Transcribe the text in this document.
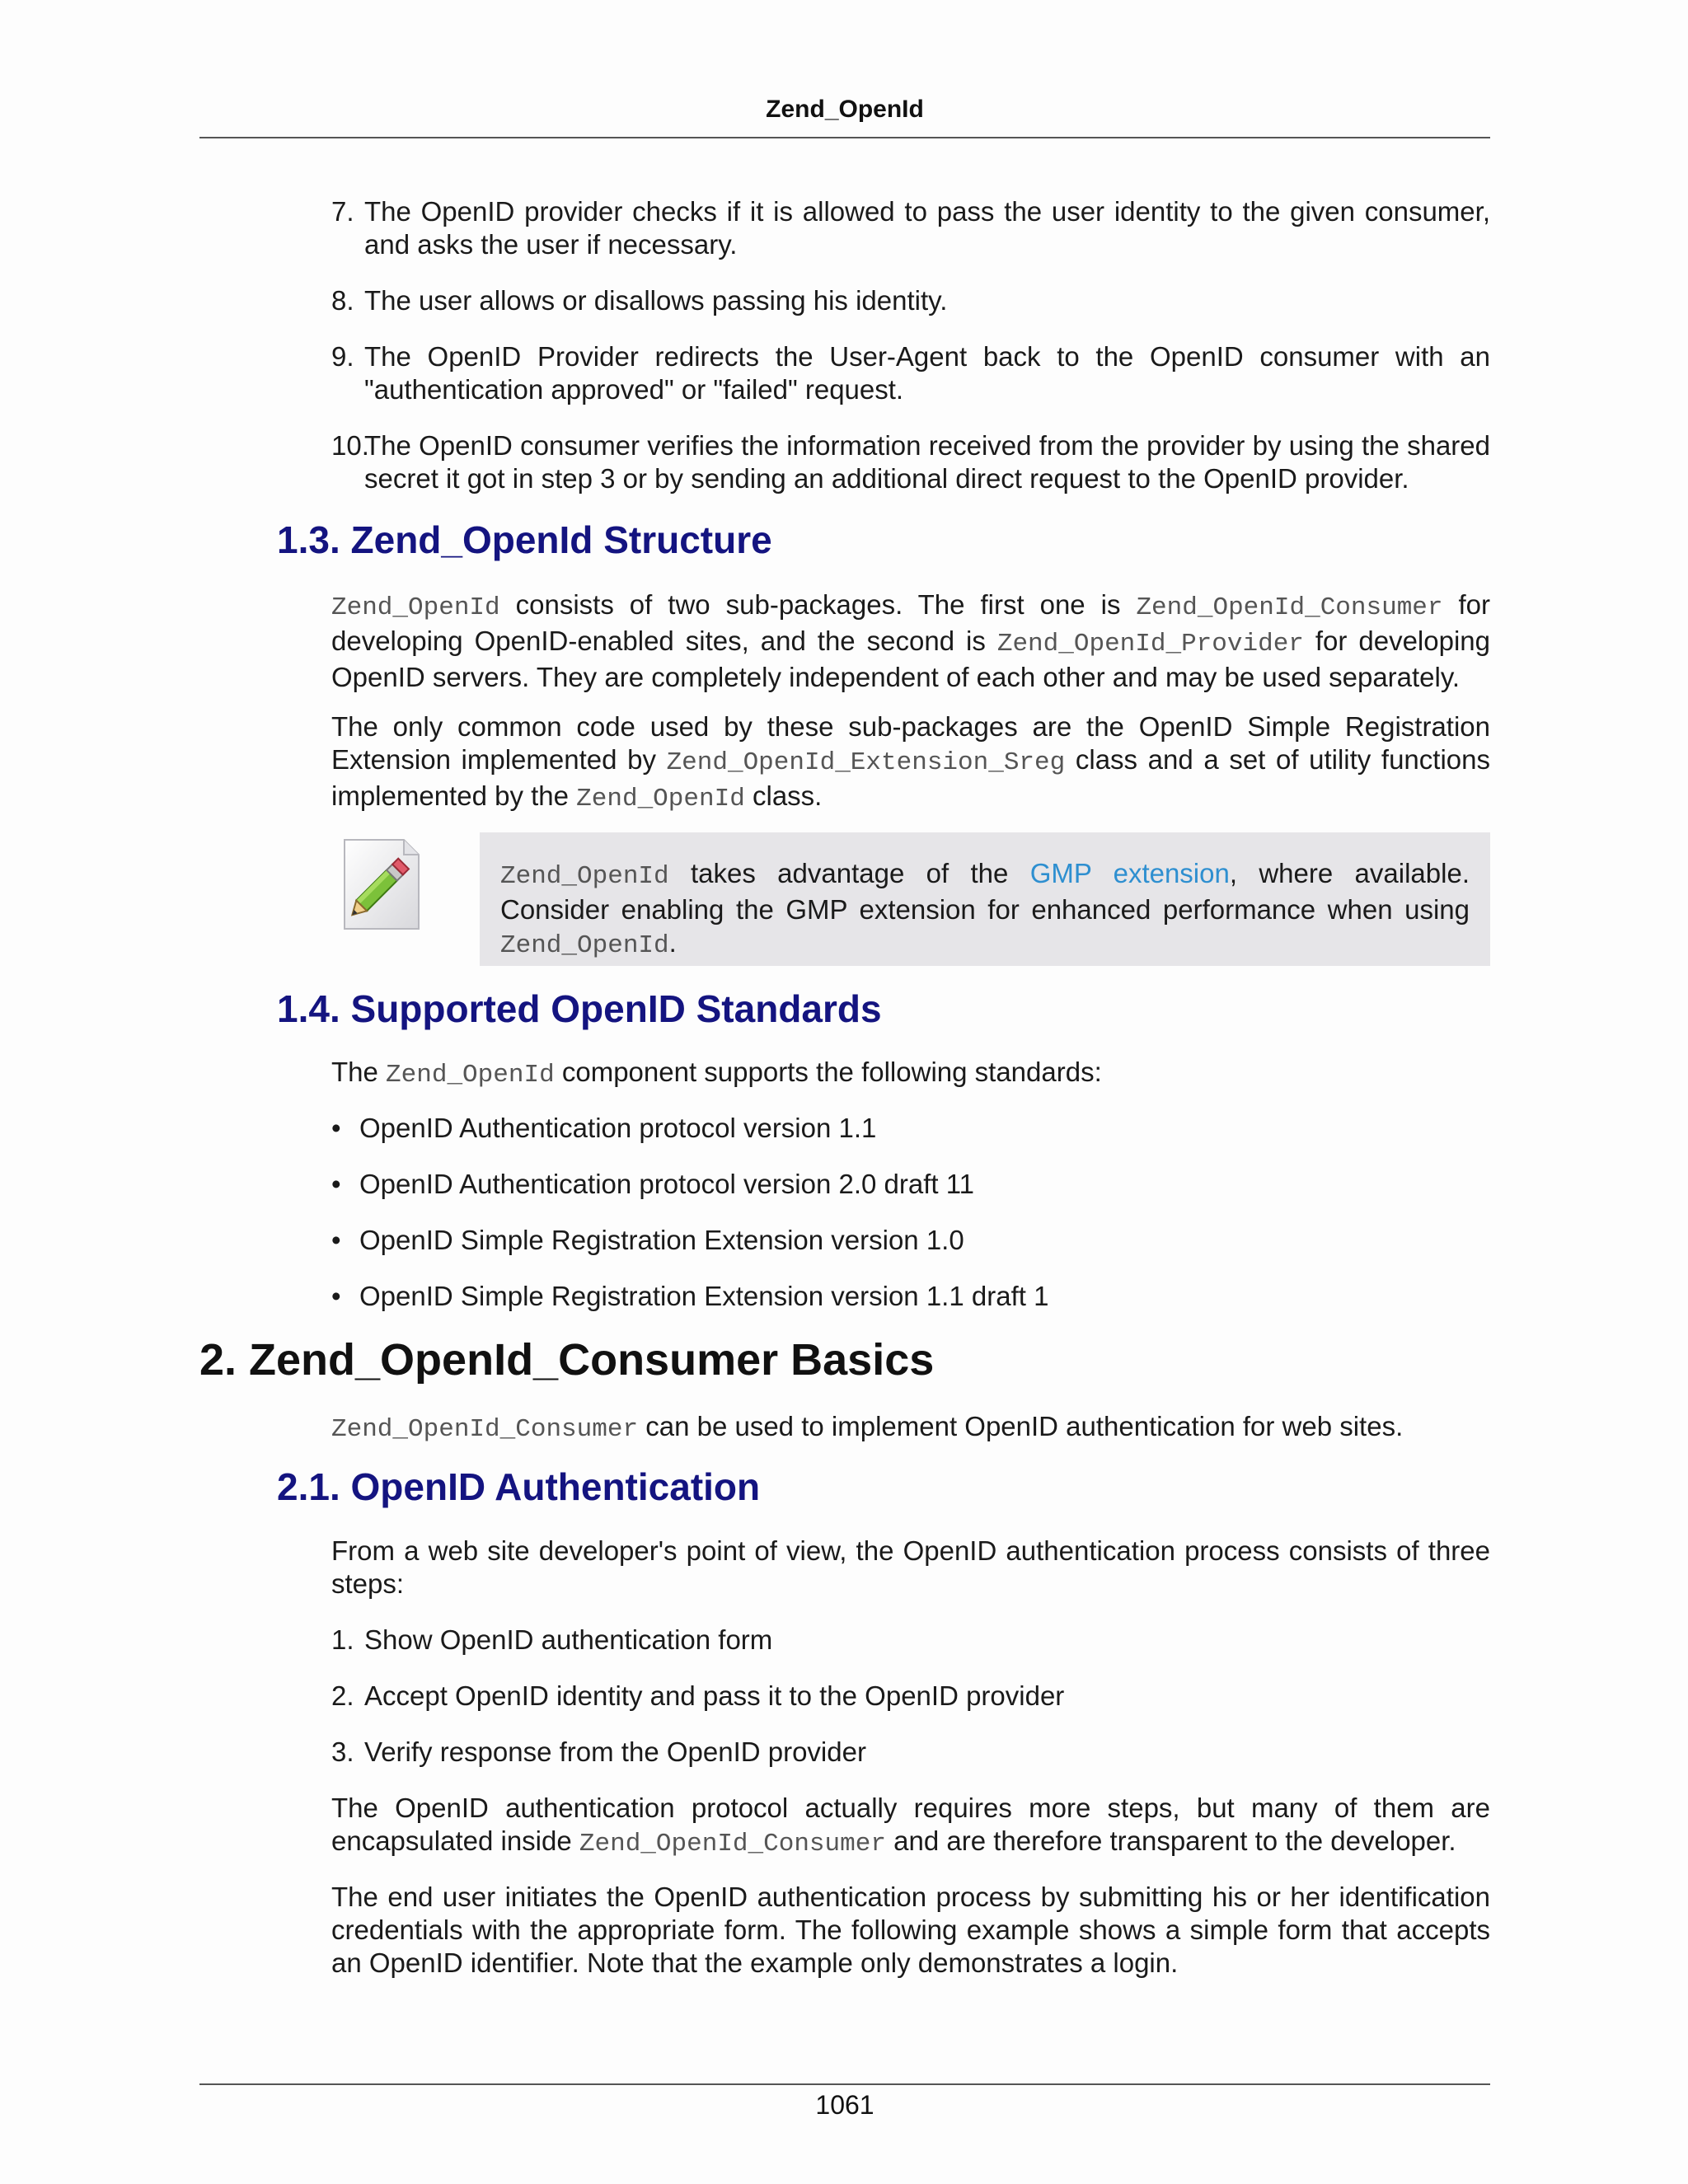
Zend_OpenId
7. The OpenID provider checks if it is allowed to pass the user identity to the given consumer, and asks the user if necessary.
8. The user allows or disallows passing his identity.
9. The OpenID Provider redirects the User-Agent back to the OpenID consumer with an "authentication approved" or "failed" request.
10.
The OpenID consumer verifies the information received from the provider by using the shared secret it got in step 3 or by sending an additional direct request to the OpenID provider.
1.3. Zend_OpenId Structure
Zend_OpenId consists of two sub-packages. The first one is Zend_OpenId_Consumer for developing OpenID-enabled sites, and the second is Zend_OpenId_Provider for developing OpenID servers. They are completely independent of each other and may be used separately.
The only common code used by these sub-packages are the OpenID Simple Registration Extension implemented by Zend_OpenId_Extension_Sreg class and a set of utility functions implemented by the Zend_OpenId class.
Zend_OpenId takes advantage of the GMP extension, where available. Consider enabling the GMP extension for enhanced performance when using Zend_OpenId.
1.4. Supported OpenID Standards
The Zend_OpenId component supports the following standards:
• OpenID Authentication protocol version 1.1
• OpenID Authentication protocol version 2.0 draft 11
• OpenID Simple Registration Extension version 1.0
• OpenID Simple Registration Extension version 1.1 draft 1
2. Zend_OpenId_Consumer Basics
Zend_OpenId_Consumer can be used to implement OpenID authentication for web sites.
2.1. OpenID Authentication
From a web site developer's point of view, the OpenID authentication process consists of three steps:
1. Show OpenID authentication form
2. Accept OpenID identity and pass it to the OpenID provider
3. Verify response from the OpenID provider
The OpenID authentication protocol actually requires more steps, but many of them are encapsulated inside Zend_OpenId_Consumer and are therefore transparent to the developer.
The end user initiates the OpenID authentication process by submitting his or her identification credentials with the appropriate form. The following example shows a simple form that accepts an OpenID identifier. Note that the example only demonstrates a login.
1061
